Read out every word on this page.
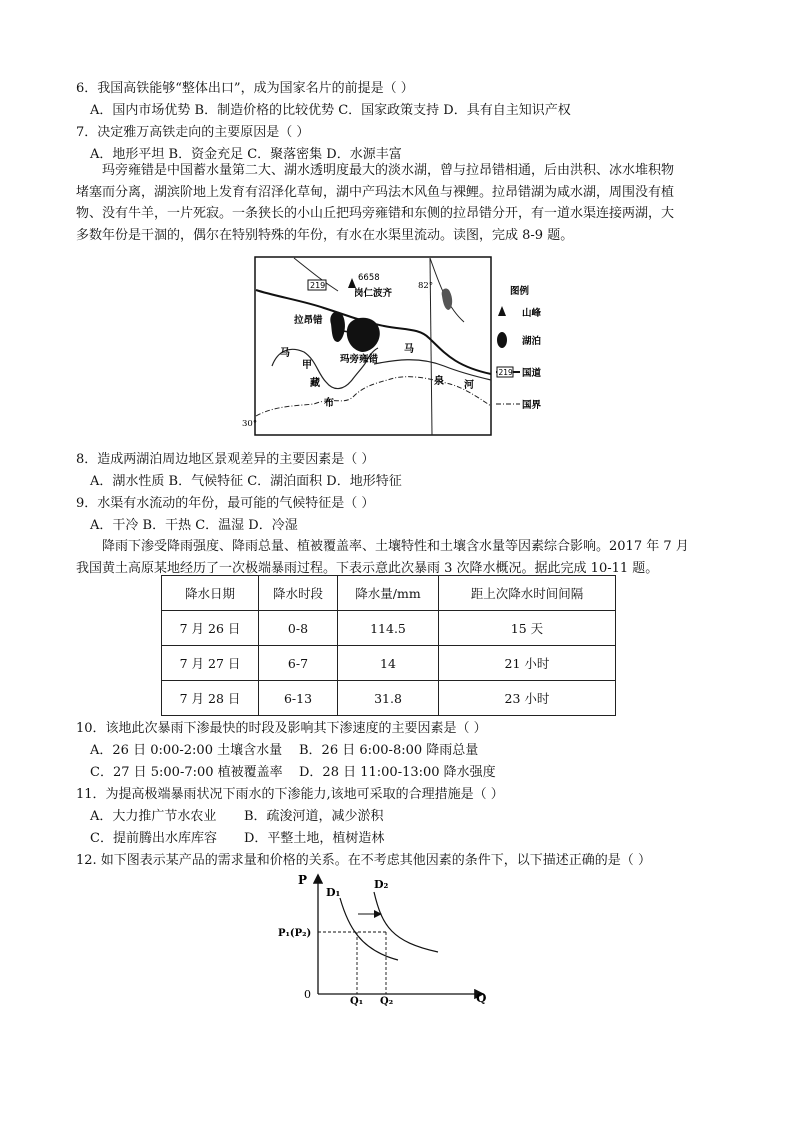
6．我国高铁能够“整体出口”，成为国家名片的前提是（ ）
A．国内市场优势 B．制造价格的比较优势 C．国家政策支持 D．具有自主知识产权
7．决定雅万高铁走向的主要原因是（ ）
A．地形平坦 B．资金充足 C．聚落密集 D．水源丰富
玛旁雍错是中国蓄水量第二大、湖水透明度最大的淡水湖，曾与拉昂错相通，后由洪积、冰水堆积物
堵塞而分离，湖滨阶地上发育有沼泽化草甸，湖中产玛法木风鱼与裸鲤。拉昂错湖为咸水湖，周围没有植
物、没有牛羊，一片死寂。一条狭长的小山丘把玛旁雍错和东侧的拉昂错分开，有一道水渠连接两湖，大
多数年份是干涸的，偶尔在特别特殊的年份，有水在水渠里流动。读图，完成 8-9 题。
219
6658
岗仁波齐
82°
30°
拉昂错
玛旁雍错
马
甲
藏
布
马
泉 河
图例
山峰
湖泊
219 国道
国界
8．造成两湖泊周边地区景观差异的主要因素是（ ）
A．湖水性质 B．气候特征 C．湖泊面积 D．地形特征
9．水渠有水流动的年份，最可能的气候特征是（ ）
A．干冷 B．干热 C．温湿 D．冷湿
降雨下渗受降雨强度、降雨总量、植被覆盖率、土壤特性和土壤含水量等因素综合影响。2017 年 7 月
我国黄土高原某地经历了一次极端暴雨过程。下表示意此次暴雨 3 次降水概况。据此完成 10-11 题。
降水日期	降水时段	降水量/mm	距上次降水时间间隔
7 月 26 日	0-8	114.5	15 天
7 月 27 日	6-7	14	21 小时
7 月 28 日	6-13	31.8	23 小时
10．该地此次暴雨下渗最快的时段及影响其下渗速度的主要因素是（ ）
A．26 日 0:00-2:00 土壤含水量 B．26 日 6:00-8:00 降雨总量
C．27 日 5:00-7:00 植被覆盖率 D．28 日 11:00-13:00 降水强度
11．为提高极端暴雨状况下雨水的下渗能力,该地可采取的合理措施是（ ）
A．大力推广节水农业 B．疏浚河道，减少淤积
C．提前腾出水库库容 D．平整土地，植树造林
12. 如下图表示某产品的需求量和价格的关系。在不考虑其他因素的条件下，以下描述正确的是（ ）
P
Q
0
D₁
D₂
P₁(P₂)
Q₁ Q₂
